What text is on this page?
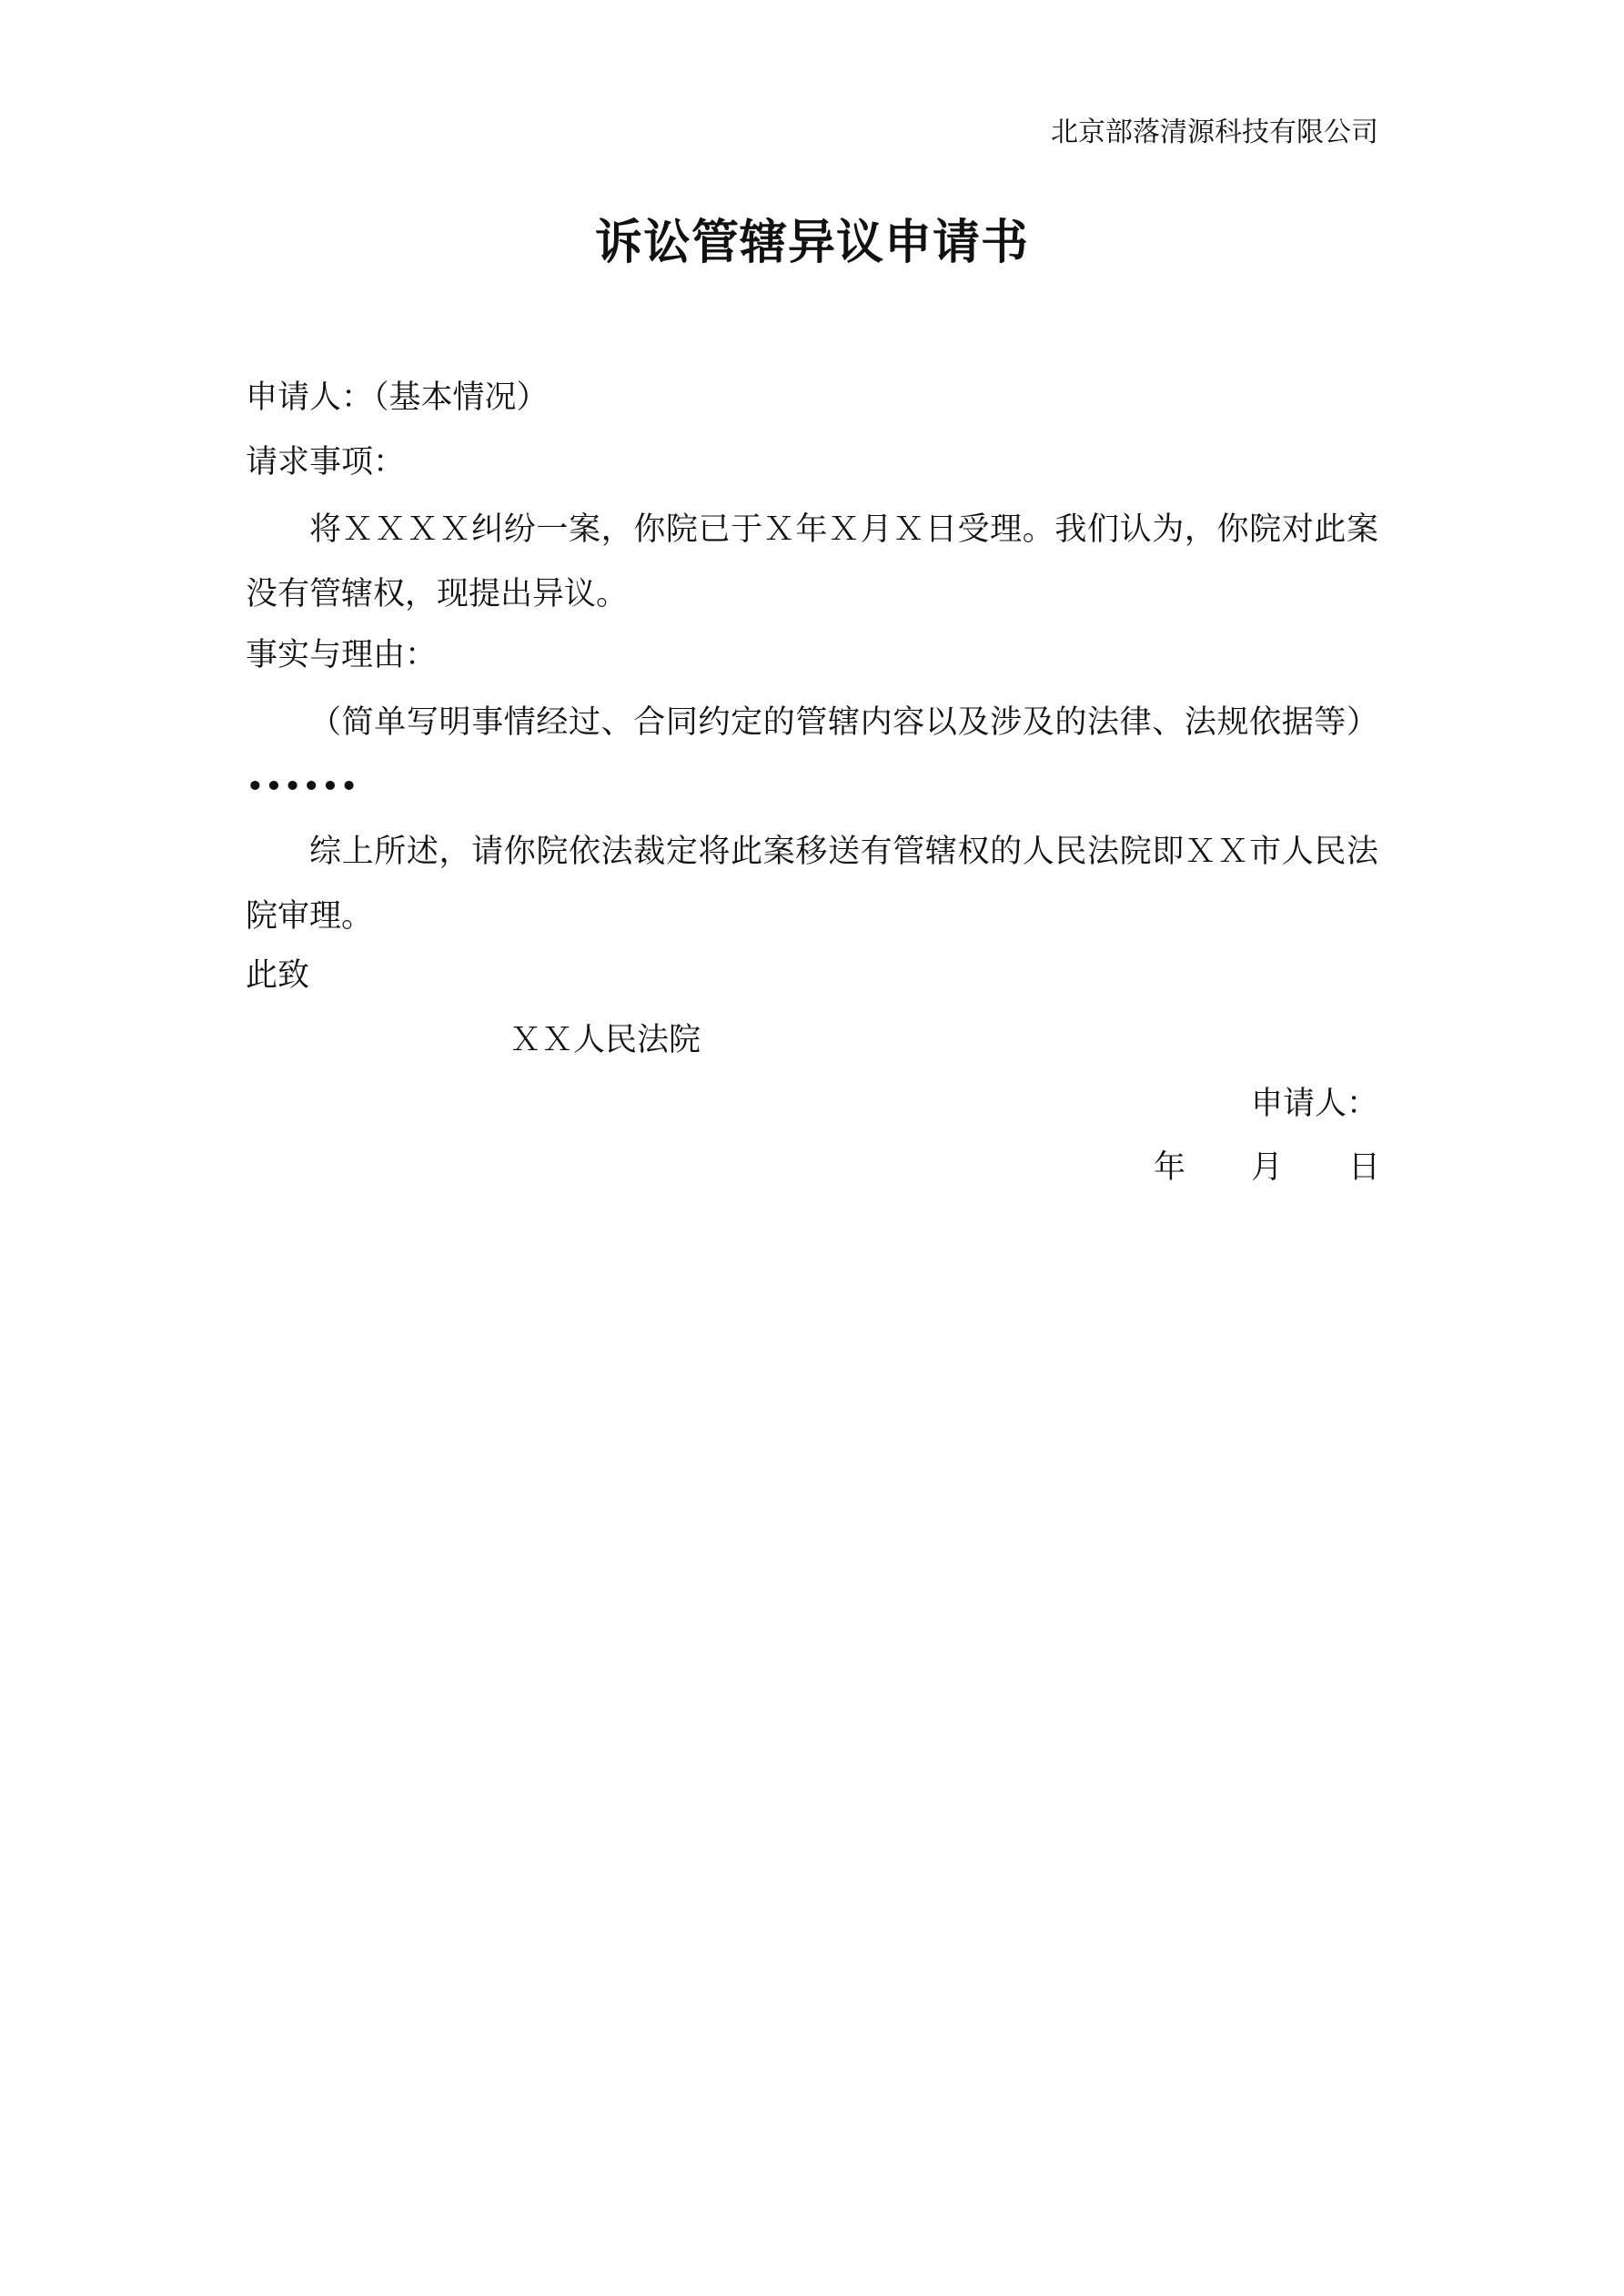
北京部落清源科技有限公司
诉讼管辖异议申请书
申请人：（基本情况）
请求事项：
将ＸＸＸＸ纠纷一案，你院已于Ｘ年Ｘ月Ｘ日受理。我们认为，你院对此案没有管辖权，现提出异议。
事实与理由：
（简单写明事情经过、合同约定的管辖内容以及涉及的法律、法规依据等）••••••
综上所述，请你院依法裁定将此案移送有管辖权的人民法院即ＸＸ市人民法院审理。
此致
ＸＸ人民法院
申请人：
年 月 日
